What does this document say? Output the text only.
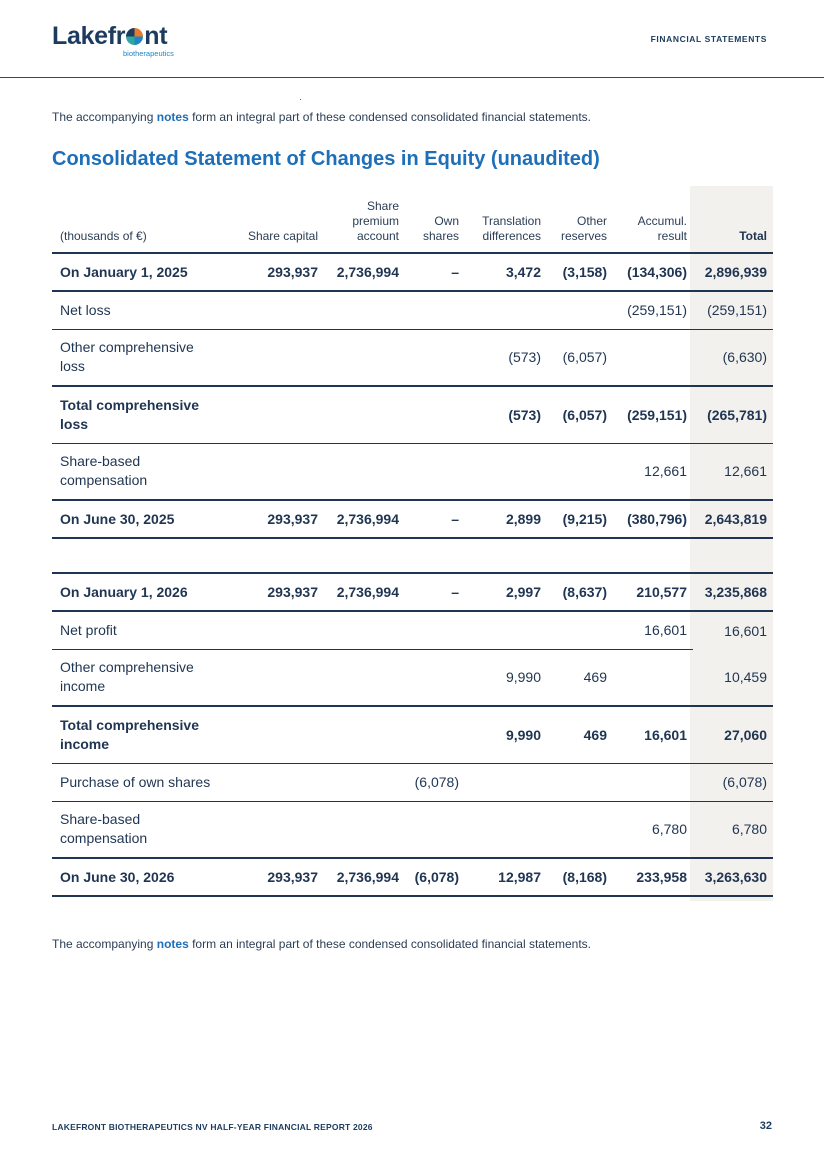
Lakefr nt
biotherapeutics
FINANCIAL STATEMENTS

The accompanying notes form an integral part of these condensed consolidated financial statements.

Consolidated Statement of Changes in Equity (unaudited)
(thousands of €)	Share capital	Share
premium
account	Own
shares	Translation
differences	Other
reserves	Accumul.
result	Total
On January 1, 2025	293,937	2,736,994	–	3,472	(3,158)	(134,306)	2,896,939
Net loss						(259,151)	(259,151)
Other comprehensive loss				(573)	(6,057)		(6,630)
Total comprehensive loss				(573)	(6,057)	(259,151)	(265,781)
Share-based compensation						12,661	12,661
On June 30, 2025	293,937	2,736,994	–	2,899	(9,215)	(380,796)	2,643,819

On January 1, 2026	293,937	2,736,994	–	2,997	(8,637)	210,577	3,235,868
Net profit						16,601	16,601
Other comprehensive income				9,990	469		10,459
Total comprehensive income				9,990	469	16,601	27,060
Purchase of own shares			(6,078)				(6,078)
Share-based compensation						6,780	6,780
On June 30, 2026	293,937	2,736,994	(6,078)	12,987	(8,168)	233,958	3,263,630

The accompanying notes form an integral part of these condensed consolidated financial statements.

LAKEFRONT BIOTHERAPEUTICS NV HALF-YEAR FINANCIAL REPORT 2026	32
